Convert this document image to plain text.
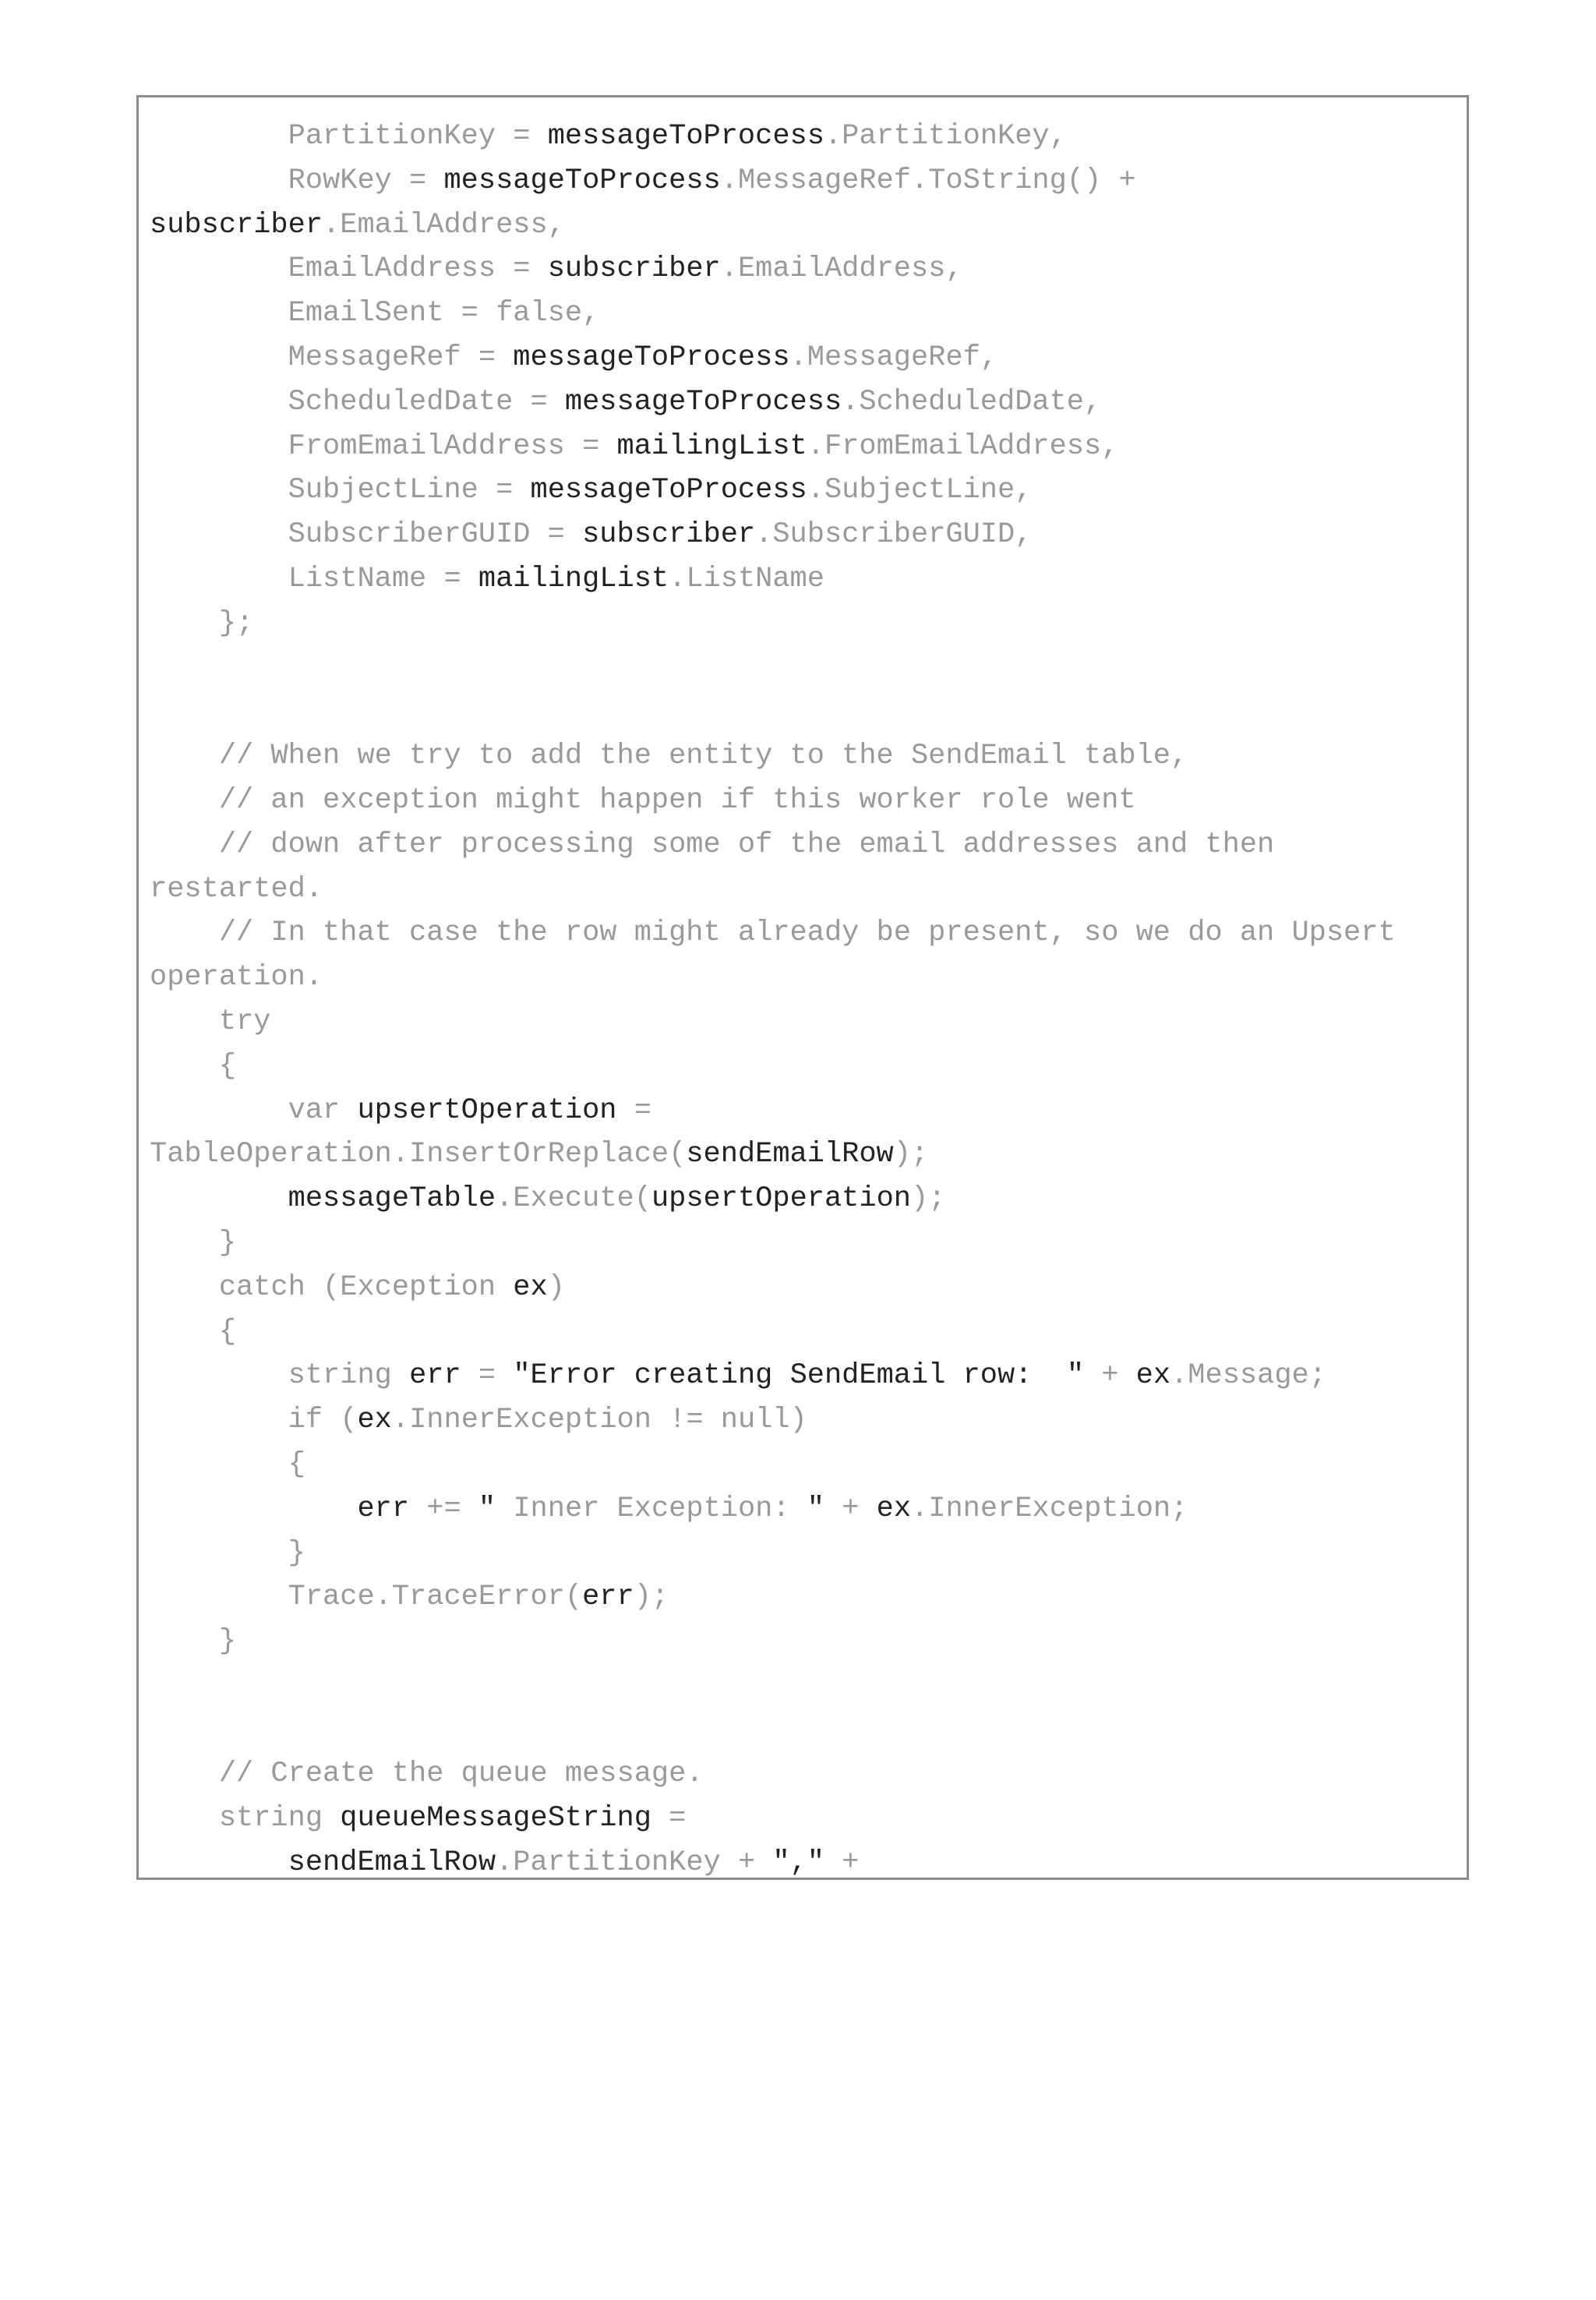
PartitionKey = messageToProcess.PartitionKey,
RowKey = messageToProcess.MessageRef.ToString() +
subscriber.EmailAddress,
EmailAddress = subscriber.EmailAddress,
EmailSent = false,
MessageRef = messageToProcess.MessageRef,
ScheduledDate = messageToProcess.ScheduledDate,
FromEmailAddress = mailingList.FromEmailAddress,
SubjectLine = messageToProcess.SubjectLine,
SubscriberGUID = subscriber.SubscriberGUID,
ListName = mailingList.ListName
};
// When we try to add the entity to the SendEmail table,
// an exception might happen if this worker role went
// down after processing some of the email addresses and then
restarted.
// In that case the row might already be present, so we do an Upsert
operation.
try
{
var upsertOperation =
TableOperation.InsertOrReplace(sendEmailRow);
messageTable.Execute(upsertOperation);
}
catch (Exception ex)
{
string err = "Error creating SendEmail row:  " + ex.Message;
if (ex.InnerException != null)
{
err += " Inner Exception: " + ex.InnerException;
}
Trace.TraceError(err);
}
// Create the queue message.
string queueMessageString =
sendEmailRow.PartitionKey + "," +
